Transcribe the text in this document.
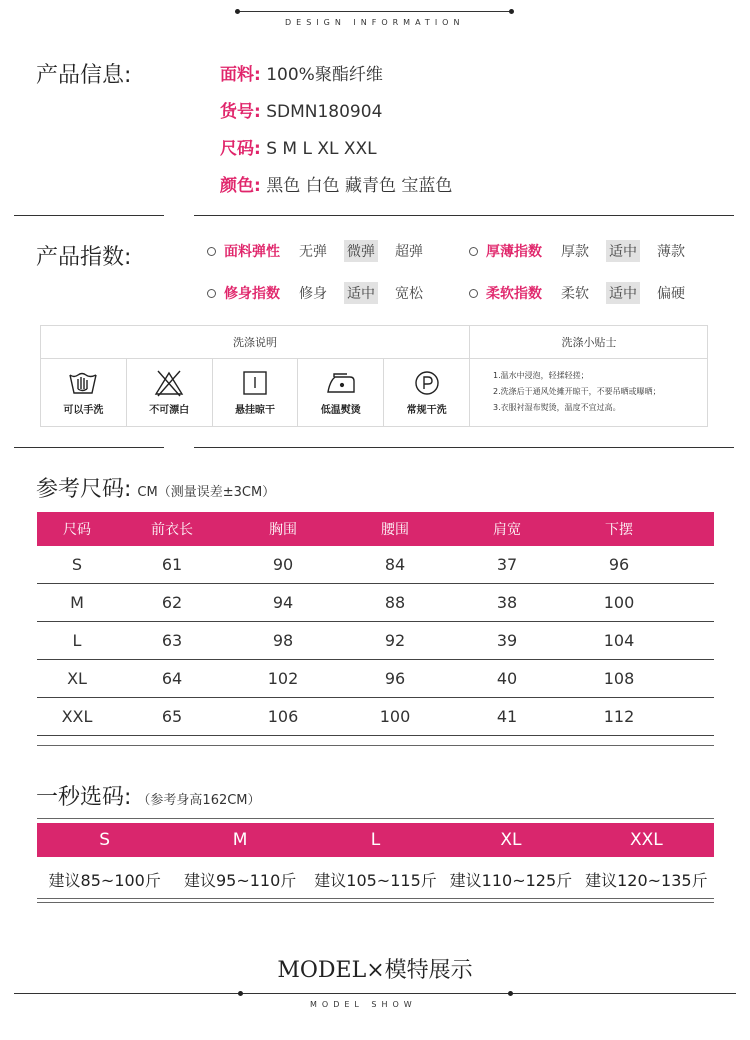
DESIGN INFORMATION
产品信息:	面料: 100%聚酯纤维
货号: SDMN180904
尺码: S M L XL XXL
颜色: 黑色 白色 藏青色 宝蓝色
产品指数:	面料弹性 无弹 微弹 超弹	厚薄指数 厚款 适中 薄款
修身指数 修身 适中 宽松	柔软指数 柔软 适中 偏硬
洗涤说明	洗涤小贴士
可以手洗	不可漂白	悬挂晾干	低温熨烫	常规干洗
1.温水中浸泡，轻揉轻搓；
2.洗涤后于通风处摊开晾干，不要吊晒或曝晒；
3.衣服衬湿布熨烫，温度不宜过高。
参考尺码: CM（测量误差±3CM）
尺码	前衣长	胸围	腰围	肩宽	下摆
S	61	90	84	37	96
M	62	94	88	38	100
L	63	98	92	39	104
XL	64	102	96	40	108
XXL	65	106	100	41	112
一秒选码: （参考身高162CM）
S	M	L	XL	XXL
建议85~100斤	建议95~110斤	建议105~115斤 建议110~125斤 建议120~135斤
MODEL×模特展示
MODEL SHOW
